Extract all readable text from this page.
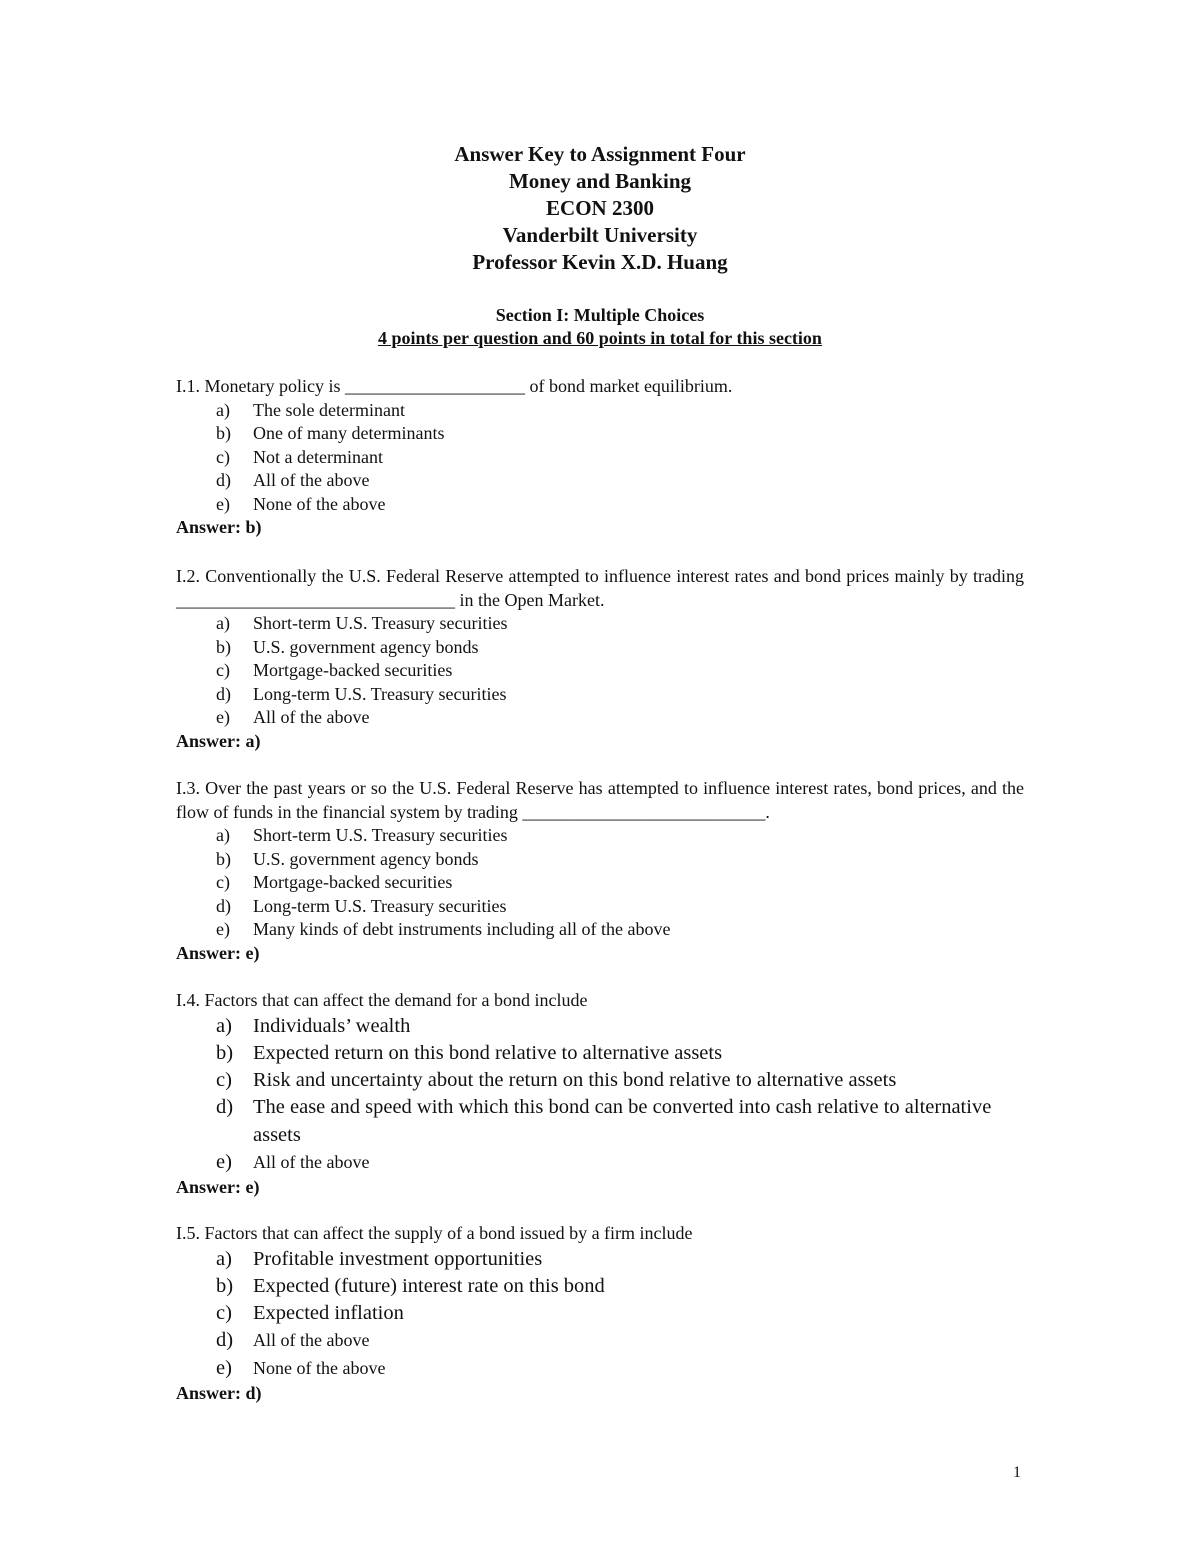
Answer Key to Assignment Four
Money and Banking
ECON 2300
Vanderbilt University
Professor Kevin X.D. Huang
Section I: Multiple Choices
4 points per question and 60 points in total for this section
I.1. Monetary policy is ____________________ of bond market equilibrium.
a)	The sole determinant
b)	One of many determinants
c)	Not a determinant
d)	All of the above
e)	None of the above
Answer: b)
I.2. Conventionally the U.S. Federal Reserve attempted to influence interest rates and bond prices mainly by trading _______________________________ in the Open Market.
a)	Short-term U.S. Treasury securities
b)	U.S. government agency bonds
c)	Mortgage-backed securities
d)	Long-term U.S. Treasury securities
e)	All of the above
Answer: a)
I.3. Over the past years or so the U.S. Federal Reserve has attempted to influence interest rates, bond prices, and the flow of funds in the financial system by trading ___________________________.
a)	Short-term U.S. Treasury securities
b)	U.S. government agency bonds
c)	Mortgage-backed securities
d)	Long-term U.S. Treasury securities
e)	Many kinds of debt instruments including all of the above
Answer: e)
I.4. Factors that can affect the demand for a bond include
a)	Individuals’ wealth
b) Expected return on this bond relative to alternative assets
c)	Risk and uncertainty about the return on this bond relative to alternative assets
d) The ease and speed with which this bond can be converted into cash relative to alternative assets
e)	All of the above
Answer: e)
I.5. Factors that can affect the supply of a bond issued by a firm include
a)	Profitable investment opportunities
b) Expected (future) interest rate on this bond
c)	Expected inflation
d)	All of the above
e)	None of the above
Answer: d)
1
